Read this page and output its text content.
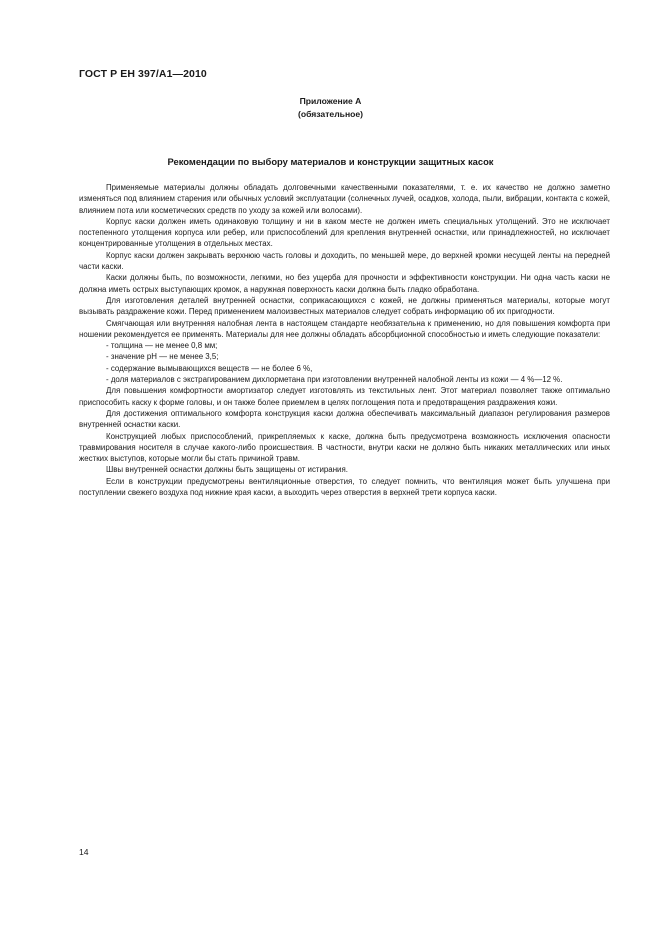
ГОСТ Р ЕН 397/А1—2010
Приложение А
(обязательное)
Рекомендации по выбору материалов и конструкции защитных касок

Применяемые материалы должны обладать долговечными качественными показателями, т. е. их качество не должно заметно изменяться под влиянием старения или обычных условий эксплуатации (солнечных лучей, осадков, холода, пыли, вибрации, контакта с кожей, влиянием пота или косметических средств по уходу за кожей или волосами).

Корпус каски должен иметь одинаковую толщину и ни в каком месте не должен иметь специальных утолщений. Это не исключает постепенного утолщения корпуса или ребер, или приспособлений для крепления внутренней оснастки, или принадлежностей, но исключает концентрированные утолщения в отдельных местах.

Корпус каски должен закрывать верхнюю часть головы и доходить, по меньшей мере, до верхней кромки несущей ленты на передней части каски.

Каски должны быть, по возможности, легкими, но без ущерба для прочности и эффективности конструкции. Ни одна часть каски не должна иметь острых выступающих кромок, а наружная поверхность каски должна быть гладко обработана.

Для изготовления деталей внутренней оснастки, соприкасающихся с кожей, не должны применяться материалы, которые могут вызывать раздражение кожи. Перед применением малоизвестных материалов следует собрать информацию об их пригодности.

Смягчающая или внутренняя налобная лента в настоящем стандарте необязательна к применению, но для повышения комфорта при ношении рекомендуется ее применять. Материалы для нее должны обладать абсорбционной способностью и иметь следующие показатели:

- толщина — не менее 0,8 мм;

- значение рН — не менее 3,5;

- содержание вымывающихся веществ — не более 6 %,

- доля материалов с экстрагированием дихлорметана при изготовлении внутренней налобной ленты из кожи — 4 %—12 %.

Для повышения комфортности амортизатор следует изготовлять из текстильных лент. Этот материал позволяет также оптимально приспособить каску к форме головы, и он также более приемлем в целях поглощения пота и предотвращения раздражения кожи.

Для достижения оптимального комфорта конструкция каски должна обеспечивать максимальный диапазон регулирования размеров внутренней оснастки каски.

Конструкцией любых приспособлений, прикрепляемых к каске, должна быть предусмотрена возможность исключения опасности травмирования носителя в случае какого-либо происшествия. В частности, внутри каски не должно быть никаких металлических или иных жестких выступов, которые могли бы стать причиной травм.

Швы внутренней оснастки должны быть защищены от истирания.

Если в конструкции предусмотрены вентиляционные отверстия, то следует помнить, что вентиляция может быть улучшена при поступлении свежего воздуха под нижние края каски, а выходить через отверстия в верхней трети корпуса каски.

14
